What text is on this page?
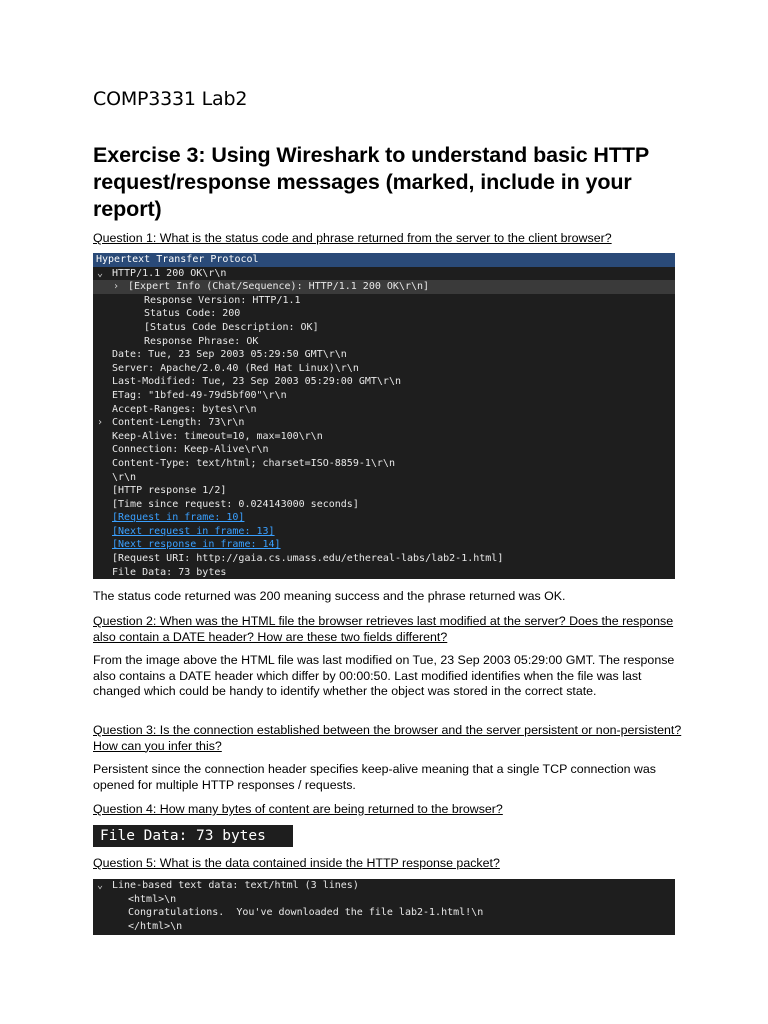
COMP3331 Lab2
Exercise 3: Using Wireshark to understand basic HTTP request/response messages (marked, include in your report)
Question 1: What is the status code and phrase returned from the server to the client browser?
Hypertext Transfer Protocol
⌄ HTTP/1.1 200 OK\r\n
› [Expert Info (Chat/Sequence): HTTP/1.1 200 OK\r\n]
Response Version: HTTP/1.1
Status Code: 200
[Status Code Description: OK]
Response Phrase: OK
Date: Tue, 23 Sep 2003 05:29:50 GMT\r\n
Server: Apache/2.0.40 (Red Hat Linux)\r\n
Last-Modified: Tue, 23 Sep 2003 05:29:00 GMT\r\n
ETag: "1bfed-49-79d5bf00"\r\n
Accept-Ranges: bytes\r\n
› Content-Length: 73\r\n
Keep-Alive: timeout=10, max=100\r\n
Connection: Keep-Alive\r\n
Content-Type: text/html; charset=ISO-8859-1\r\n
\r\n
[HTTP response 1/2]
[Time since request: 0.024143000 seconds]
[Request in frame: 10]
[Next request in frame: 13]
[Next response in frame: 14]
[Request URI: http://gaia.cs.umass.edu/ethereal-labs/lab2-1.html]
File Data: 73 bytes
The status code returned was 200 meaning success and the phrase returned was OK.
Question 2: When was the HTML file the browser retrieves last modified at the server? Does the response also contain a DATE header? How are these two fields different?
From the image above the HTML file was last modified on Tue, 23 Sep 2003 05:29:00 GMT. The response also contains a DATE header which differ by 00:00:50. Last modified identifies when the file was last changed which could be handy to identify whether the object was stored in the correct state.
Question 3: Is the connection established between the browser and the server persistent or non-persistent? How can you infer this?
Persistent since the connection header specifies keep-alive meaning that a single TCP connection was opened for multiple HTTP responses / requests.
Question 4: How many bytes of content are being returned to the browser?
File Data: 73 bytes
Question 5: What is the data contained inside the HTTP response packet?
⌄ Line-based text data: text/html (3 lines)
<html>\n
Congratulations.  You've downloaded the file lab2-1.html!\n
</html>\n
